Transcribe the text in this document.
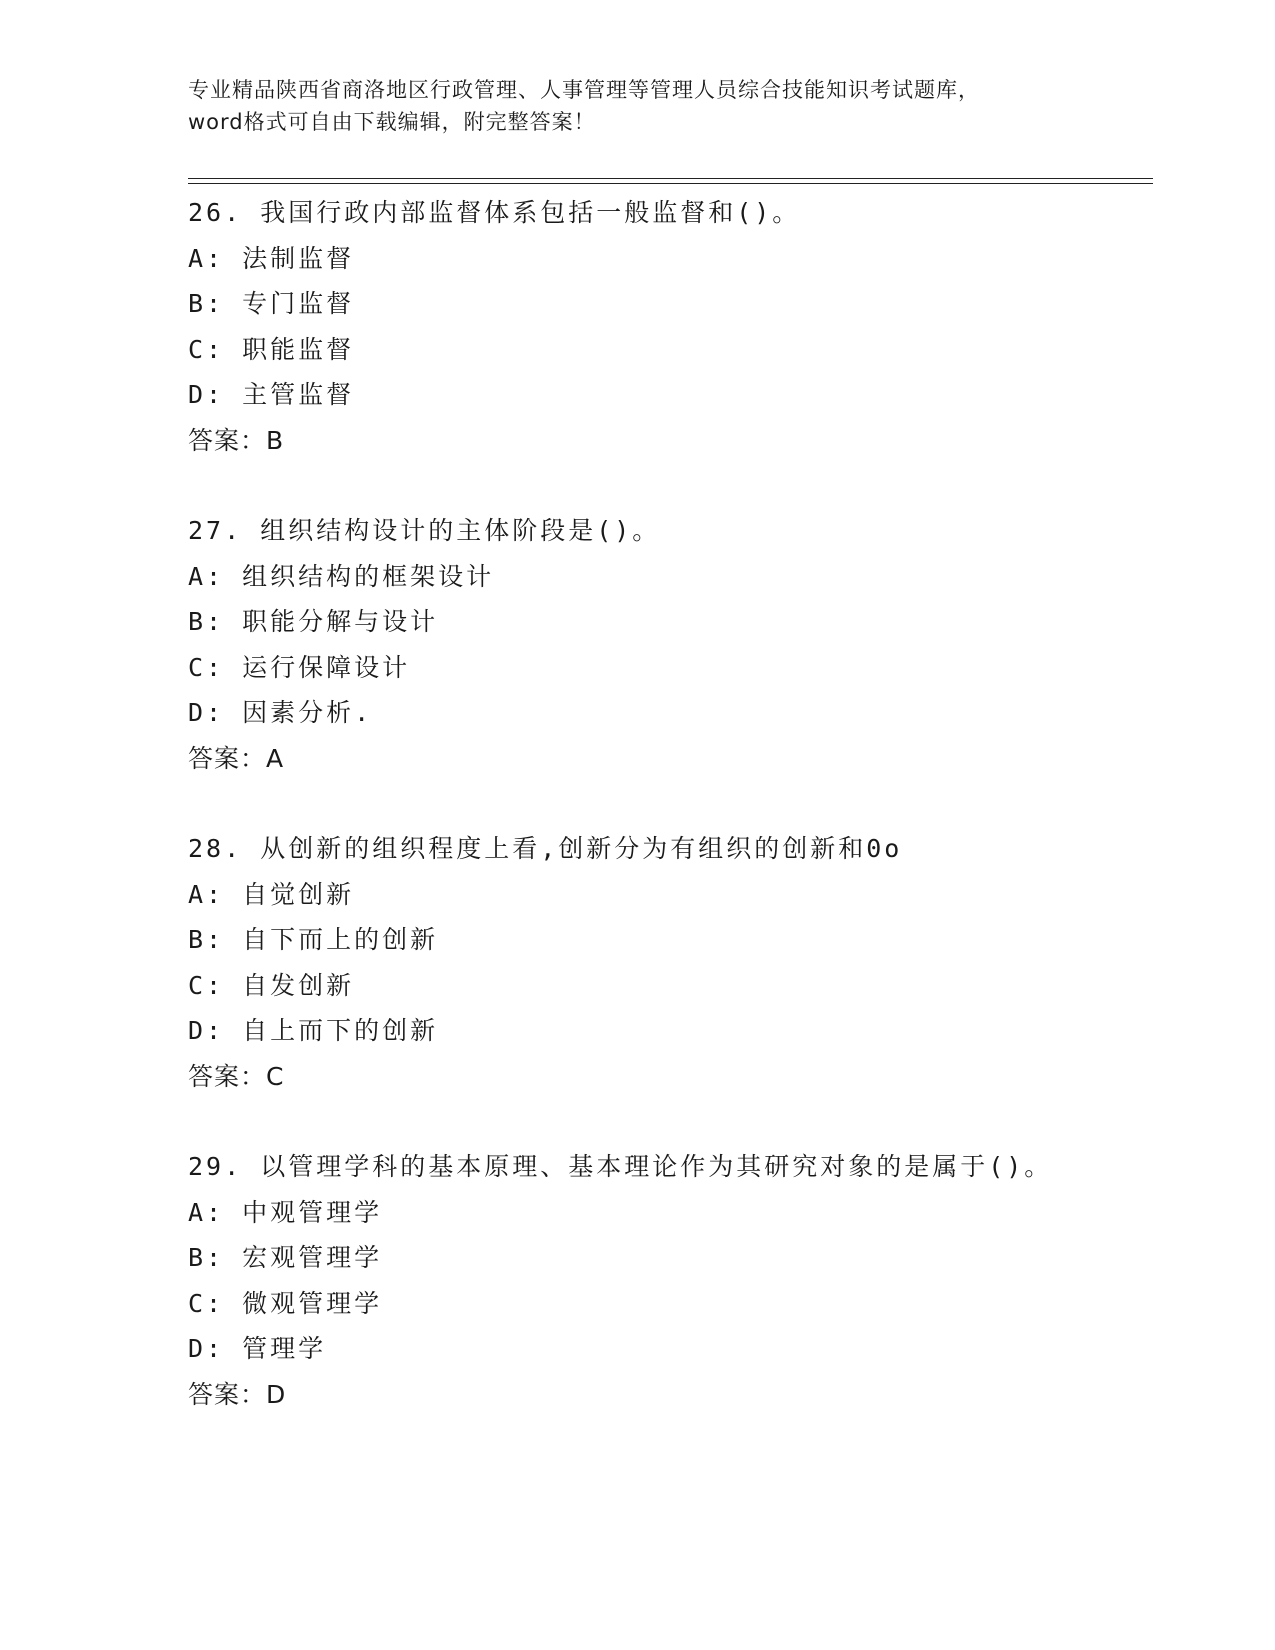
专业精品陕西省商洛地区行政管理、人事管理等管理人员综合技能知识考试题库，
word格式可自由下载编辑，附完整答案！
26. 我国行政内部监督体系包括一般监督和()。
A: 法制监督
B: 专门监督
C: 职能监督
D: 主管监督
答案：B
27. 组织结构设计的主体阶段是()。
A: 组织结构的框架设计
B: 职能分解与设计
C: 运行保障设计
D: 因素分析.
答案：A
28. 从创新的组织程度上看,创新分为有组织的创新和0o
A: 自觉创新
B: 自下而上的创新
C: 自发创新
D: 自上而下的创新
答案：C
29. 以管理学科的基本原理、基本理论作为其研究对象的是属于()。
A: 中观管理学
B: 宏观管理学
C: 微观管理学
D: 管理学
答案：D
